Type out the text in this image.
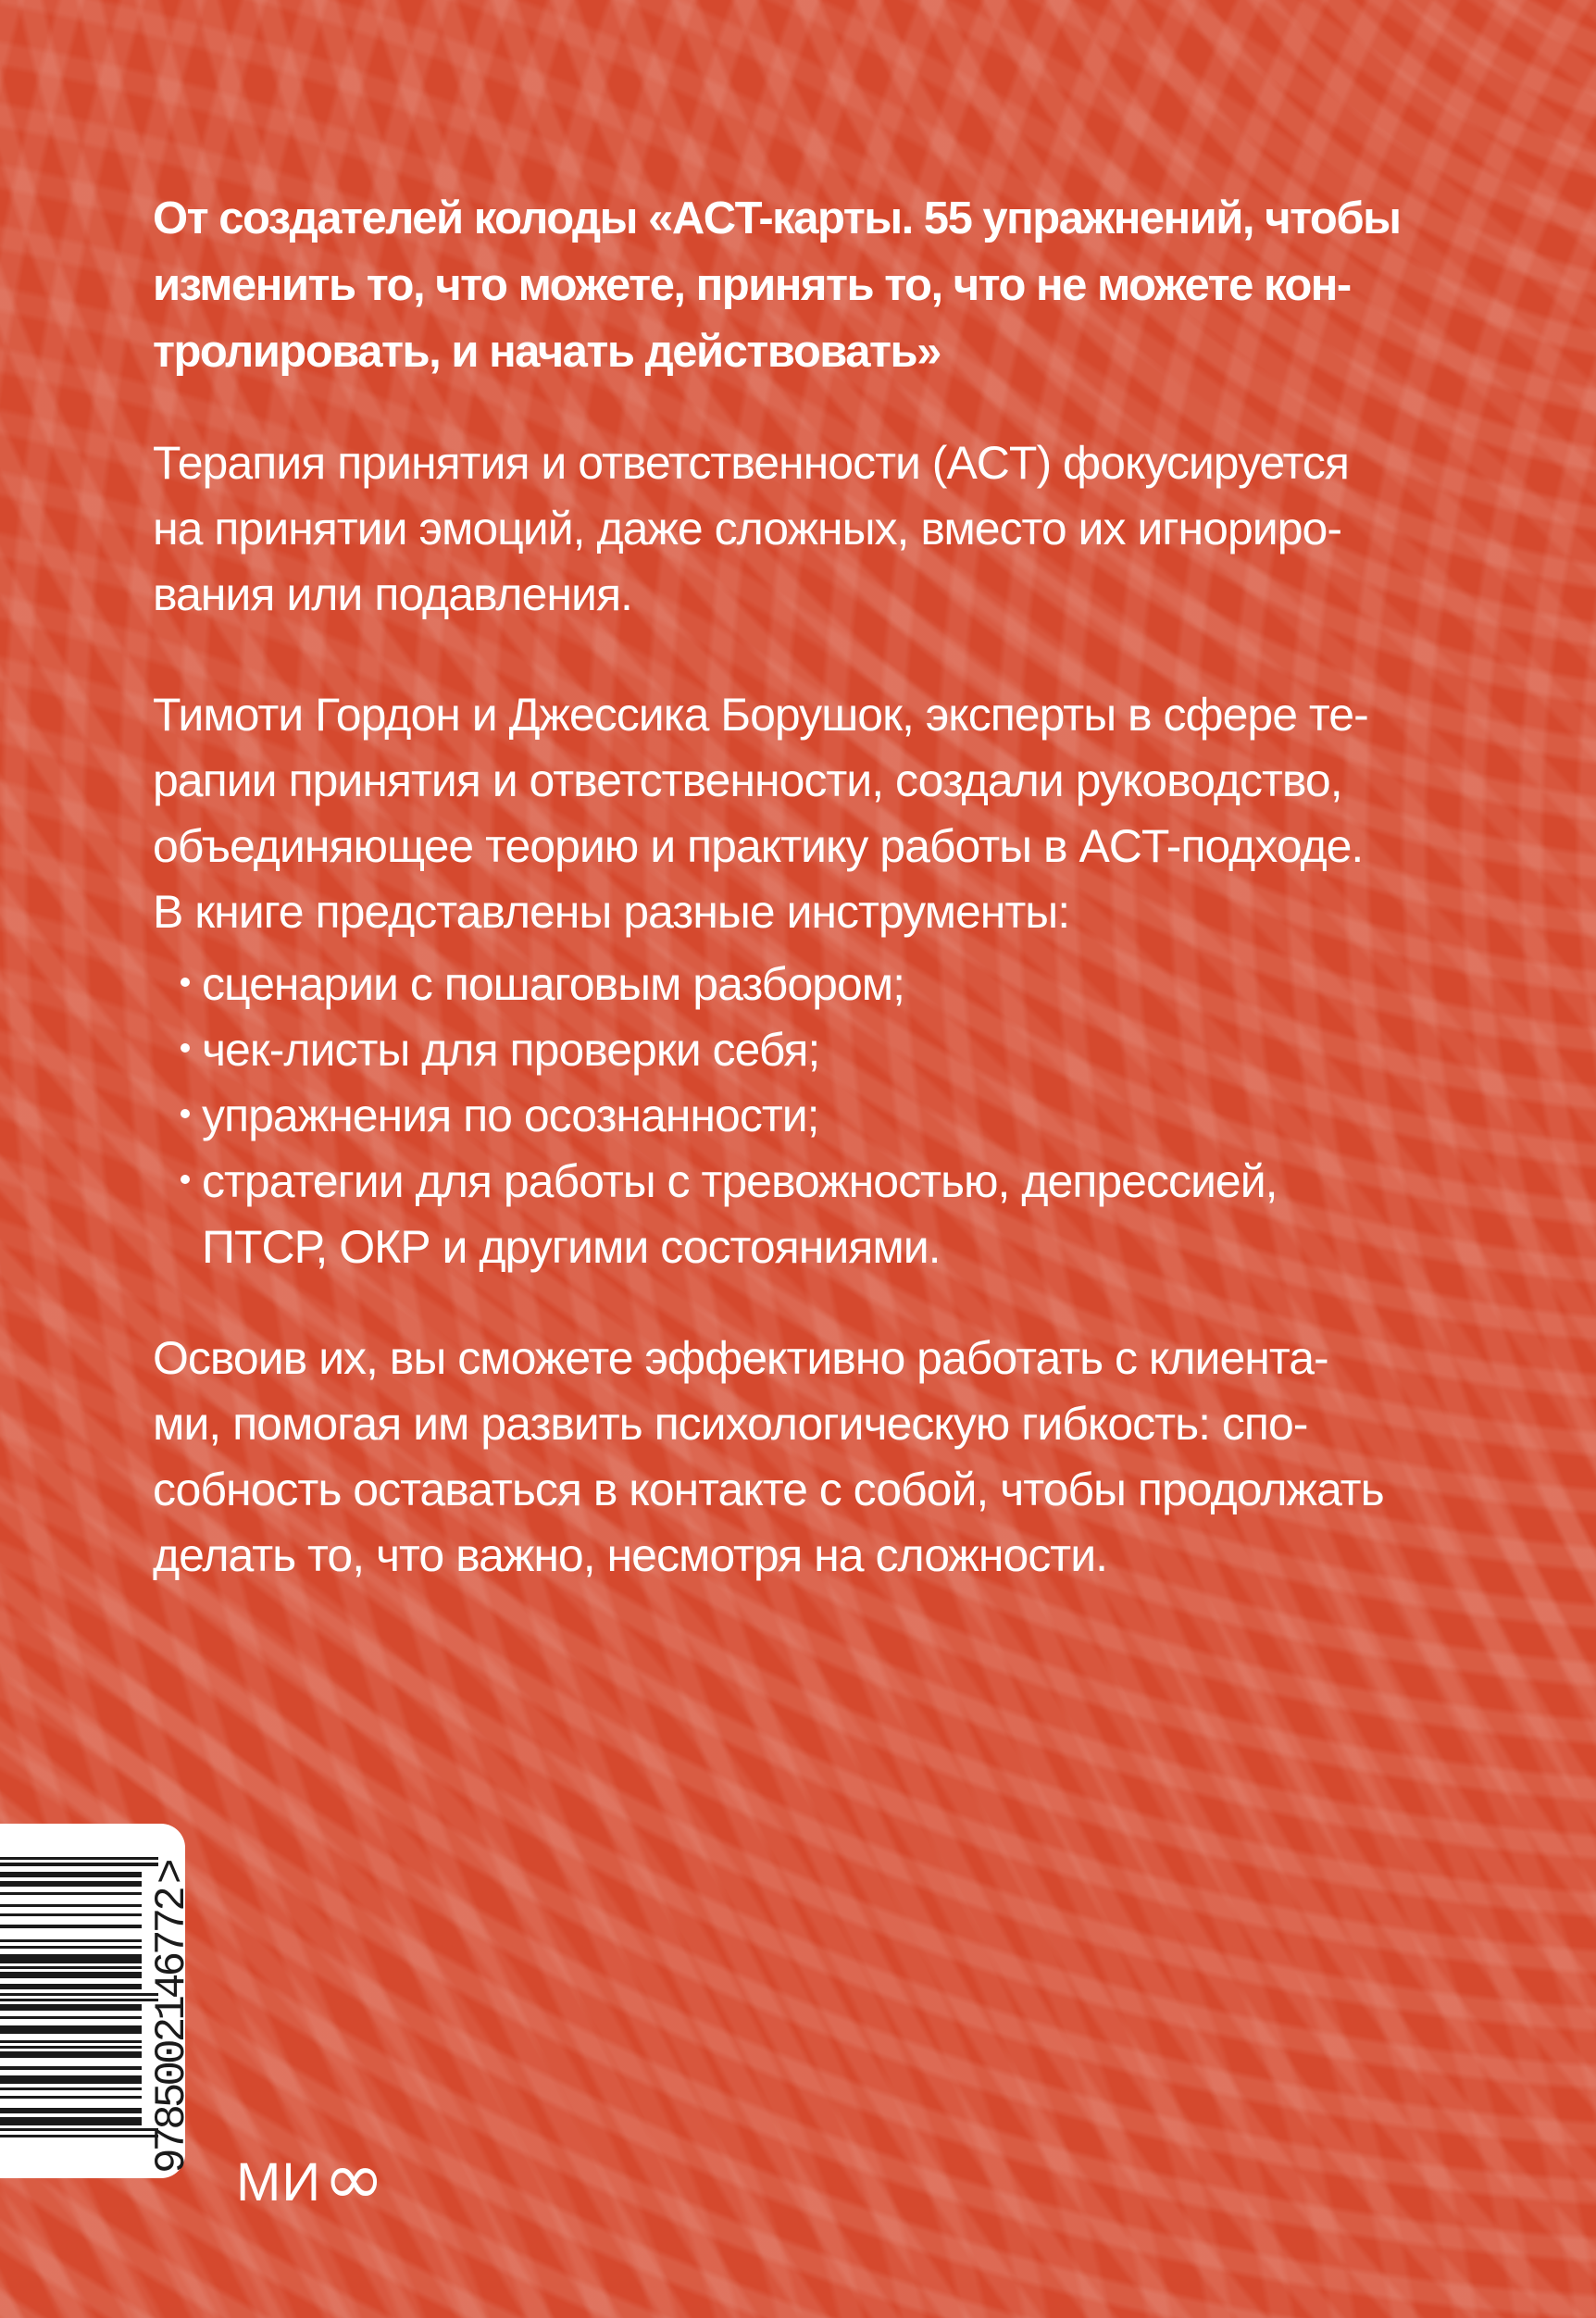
От создателей колоды «ACT-карты. 55 упражнений, чтобы
изменить то, что можете, принять то, что не можете кон-
тролировать, и начать действовать»
Терапия принятия и ответственности (ACT) фокусируется
на принятии эмоций, даже сложных, вместо их игнориро-
вания или подавления.
Тимоти Гордон и Джессика Борушок, эксперты в сфере те-
рапии принятия и ответственности, создали руководство,
объединяющее теорию и практику работы в ACT-подходе.
В книге представлены разные инструменты:
сценарии с пошаговым разбором;
чек-листы для проверки себя;
упражнения по осознанности;
стратегии для работы с тревожностью, депрессией,
ПТСР, ОКР и другими состояниями.
Освоив их, вы сможете эффективно работать с клиента-
ми, помогая им развить психологическую гибкость: спо-
собность оставаться в контакте с собой, чтобы продолжать
делать то, что важно, несмотря на сложности.
9785002146772>
МИ ∞
